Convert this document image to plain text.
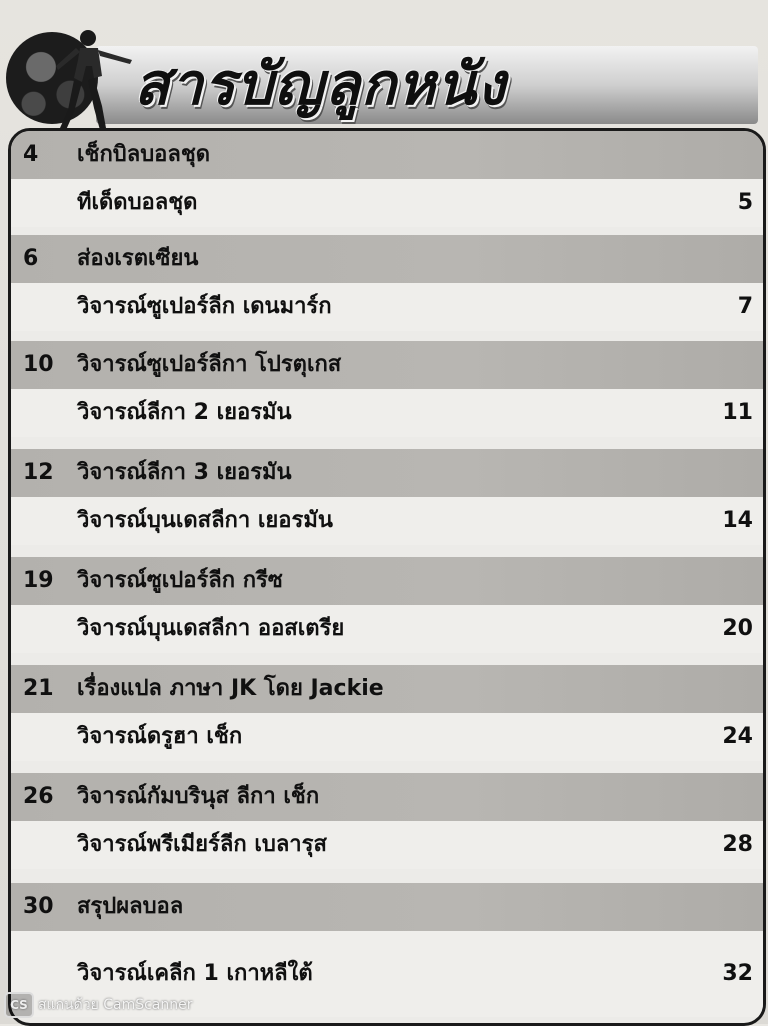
สารบัญลูกหนัง
4 เช็กบิลบอลชุด
ทีเด็ดบอลชุด	5
6 ส่องเรตเซียน
วิจารณ์ซูเปอร์ลีก เดนมาร์ก	7
10 วิจารณ์ซูเปอร์ลีกา โปรตุเกส
วิจารณ์ลีกา 2 เยอรมัน	11
12 วิจารณ์ลีกา 3 เยอรมัน
วิจารณ์บุนเดสลีกา เยอรมัน	14
19 วิจารณ์ซูเปอร์ลีก กรีซ
วิจารณ์บุนเดสลีกา ออสเตรีย	20
21 เรื่องแปล ภาษา JK โดย Jackie
วิจารณ์ดรูฮา เช็ก	24
26 วิจารณ์กัมบรินุส ลีกา เช็ก
วิจารณ์พรีเมียร์ลีก เบลารุส	28
30 สรุปผลบอล
วิจารณ์เคลีก 1 เกาหลีใต้	32
CS สแกนด้วย CamScanner
